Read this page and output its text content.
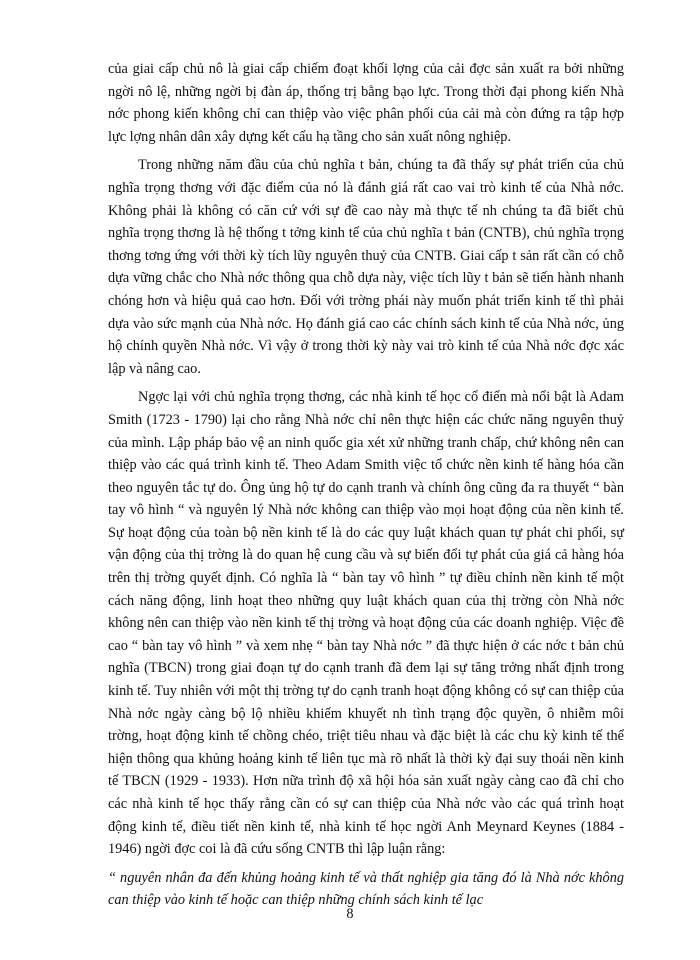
của giai cấp chủ nô là giai cấp chiếm đoạt khối lợng của cải đợc sản xuất ra bởi những ngời nô lệ, những ngời bị đàn áp, thống trị bằng bạo lực. Trong thời đại phong kiến Nhà nớc phong kiến không chỉ can thiệp vào việc phân phối của cải mà còn đứng ra tập hợp lực lợng nhân dân xây dựng kết cấu hạ tầng cho sản xuất nông nghiệp.

Trong những năm đầu của chủ nghĩa t bản, chúng ta đã thấy sự phát triển của chủ nghĩa trọng thơng với đặc điểm của nó là đánh giá rất cao vai trò kinh tế của Nhà nớc. Không phải là không có căn cứ với sự đề cao này mà thực tế nh chúng ta đã biết chủ nghĩa trọng thơng là hệ thống t tởng kinh tế của chủ nghĩa t bản (CNTB), chủ nghĩa trọng thơng tơng ứng với thời kỳ tích lũy nguyên thuỷ của CNTB. Giai cấp t sản rất cần có chỗ dựa vững chắc cho Nhà nớc thông qua chỗ dựa này, việc tích lũy t bản sẽ tiến hành nhanh chóng hơn và hiệu quả cao hơn. Đối với trờng phái này muốn phát triển kinh tế thì phải dựa vào sức mạnh của Nhà nớc. Họ đánh giá cao các chính sách kinh tế của Nhà nớc, ủng hộ chính quyền Nhà nớc. Vì vậy ở trong thời kỳ này vai trò kinh tế của Nhà nớc đợc xác lập và nâng cao.

Ngợc lại với chủ nghĩa trọng thơng, các nhà kinh tế học cổ điển mà nổi bật là Adam Smith (1723 - 1790) lại cho rằng Nhà nớc chỉ nên thực hiện các chức năng nguyên thuỷ của mình. Lập pháp bảo vệ an ninh quốc gia xét xử những tranh chấp, chứ không nên can thiệp vào các quá trình kinh tế. Theo Adam Smith việc tổ chức nền kinh tế hàng hóa cần theo nguyên tắc tự do. Ông ủng hộ tự do cạnh tranh và chính ông cũng đa ra thuyết “ bàn tay vô hình “ và nguyên lý Nhà nớc không can thiệp vào mọi hoạt động của nền kinh tế. Sự hoạt động của toàn bộ nền kinh tế là do các quy luật khách quan tự phát chi phối, sự vận động của thị trờng là do quan hệ cung cầu và sự biến đổi tự phát của giá cả hàng hóa trên thị trờng quyết định. Có nghĩa là “ bàn tay vô hình ” tự điều chỉnh nền kinh tế một cách năng động, linh hoạt theo những quy luật khách quan của thị trờng còn Nhà nớc không nên can thiệp vào nền kinh tế thị trờng và hoạt động của các doanh nghiệp. Việc đề cao “ bàn tay vô hình ” và xem nhẹ “ bàn tay Nhà nớc ” đã thực hiện ở các nớc t bản chủ nghĩa (TBCN) trong giai đoạn tự do cạnh tranh đã đem lại sự tăng trởng nhất định trong kinh tế. Tuy nhiên với một thị trờng tự do cạnh tranh hoạt động không có sự can thiệp của Nhà nớc ngày càng bộ lộ nhiều khiếm khuyết nh tình trạng độc quyền, ô nhiễm môi trờng, hoạt động kinh tế chồng chéo, triệt tiêu nhau và đặc biệt là các chu kỳ kinh tế thể hiện thông qua khủng hoảng kinh tế liên tục mà rõ nhất là thời kỳ đại suy thoái nền kinh tế TBCN (1929 - 1933). Hơn nữa trình độ xã hội hóa sản xuất ngày càng cao đã chỉ cho các nhà kinh tế học thấy rằng cần có sự can thiệp của Nhà nớc vào các quá trình hoạt động kinh tế, điều tiết nền kinh tế, nhà kinh tế học ngời Anh Meynard Keynes (1884 - 1946) ngời đợc coi là đã cứu sống CNTB thì lập luận rằng:

“ nguyên nhân đa đến khủng hoảng kinh tế và thất nghiệp gia tăng đó là Nhà nớc không can thiệp vào kinh tế hoặc can thiệp những chính sách kinh tế lạc

8
